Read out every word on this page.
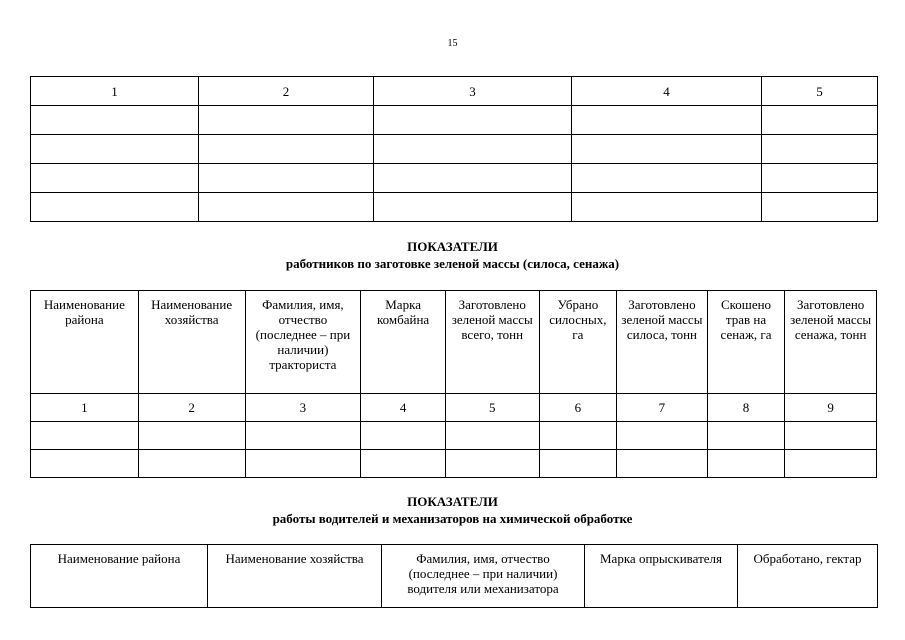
15
1	2	3	4	5

ПОКАЗАТЕЛИ
работников по заготовке зеленой массы (силоса, сенажа)
Наименование района	Наименование хозяйства	Фамилия, имя, отчество (последнее – при наличии) тракториста	Марка комбайна	Заготовлено зеленой массы всего, тонн	Убрано силосных, га	Заготовлено зеленой массы силоса, тонн	Скошено трав на сенаж, га	Заготовлено зеленой массы сенажа, тонн
1	2	3	4	5	6	7	8	9

ПОКАЗАТЕЛИ
работы водителей и механизаторов на химической обработке
Наименование района	Наименование хозяйства	Фамилия, имя, отчество (последнее – при наличии) водителя или механизатора	Марка опрыскивателя	Обработано, гектар
